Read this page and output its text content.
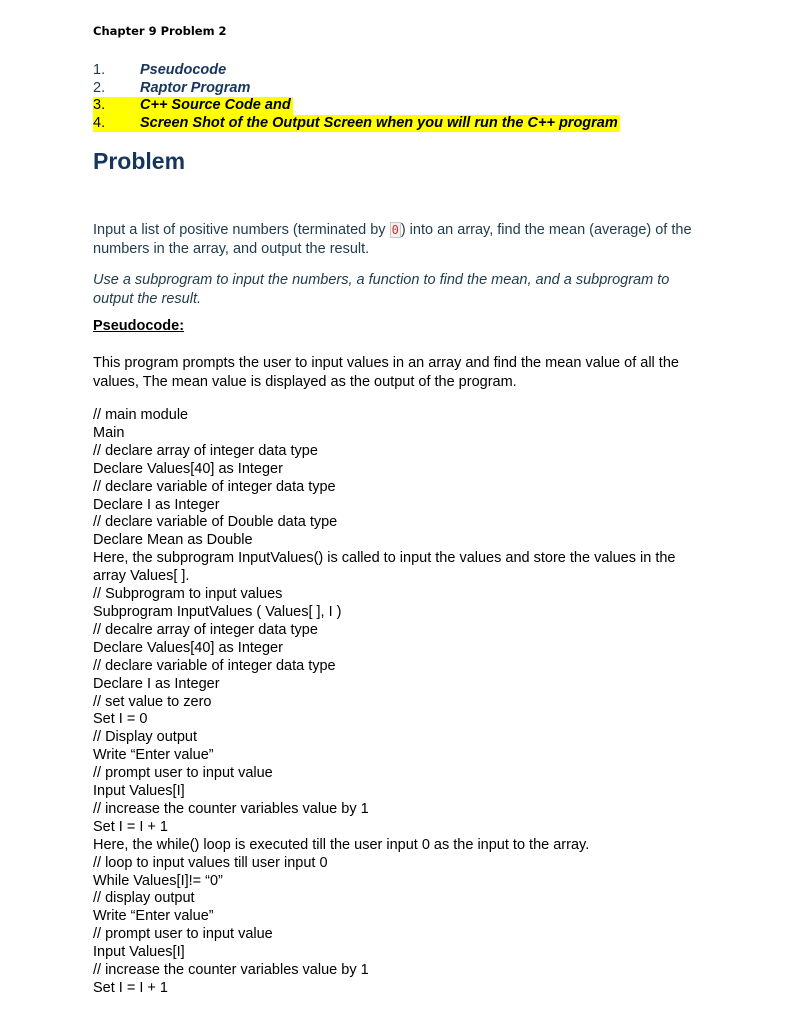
Chapter 9 Problem 2
1. Pseudocode
2. Raptor Program
3. C++ Source Code and
4. Screen Shot of the Output Screen when you will run the C++ program
Problem
Input a list of positive numbers (terminated by 0 ) into an array, find the mean (average) of the numbers in the array, and output the result.
Use a subprogram to input the numbers, a function to find the mean, and a subprogram to output the result.
Pseudocode:
This program prompts the user to input values in an array and find the mean value of all the values, The mean value is displayed as the output of the program.
// main module
Main
// declare array of integer data type
Declare Values[40] as Integer
// declare variable of integer data type
Declare I as Integer
// declare variable of Double data type
Declare Mean as Double
Here, the subprogram InputValues() is called to input the values and store the values in the array Values[ ].
// Subprogram to input values
Subprogram InputValues ( Values[ ], I )
// decalre array of integer data type
Declare Values[40] as Integer
// declare variable of integer data type
Declare I as Integer
// set value to zero
Set I = 0
// Display output
Write “Enter value”
// prompt user to input value
Input Values[I]
// increase the counter variables value by 1
Set I = I + 1
Here, the while() loop is executed till the user input 0 as the input to the array.
// loop to input values till user input 0
While Values[I]!= “0”
// display output
Write “Enter value”
// prompt user to input value
Input Values[I]
// increase the counter variables value by 1
Set I = I + 1
